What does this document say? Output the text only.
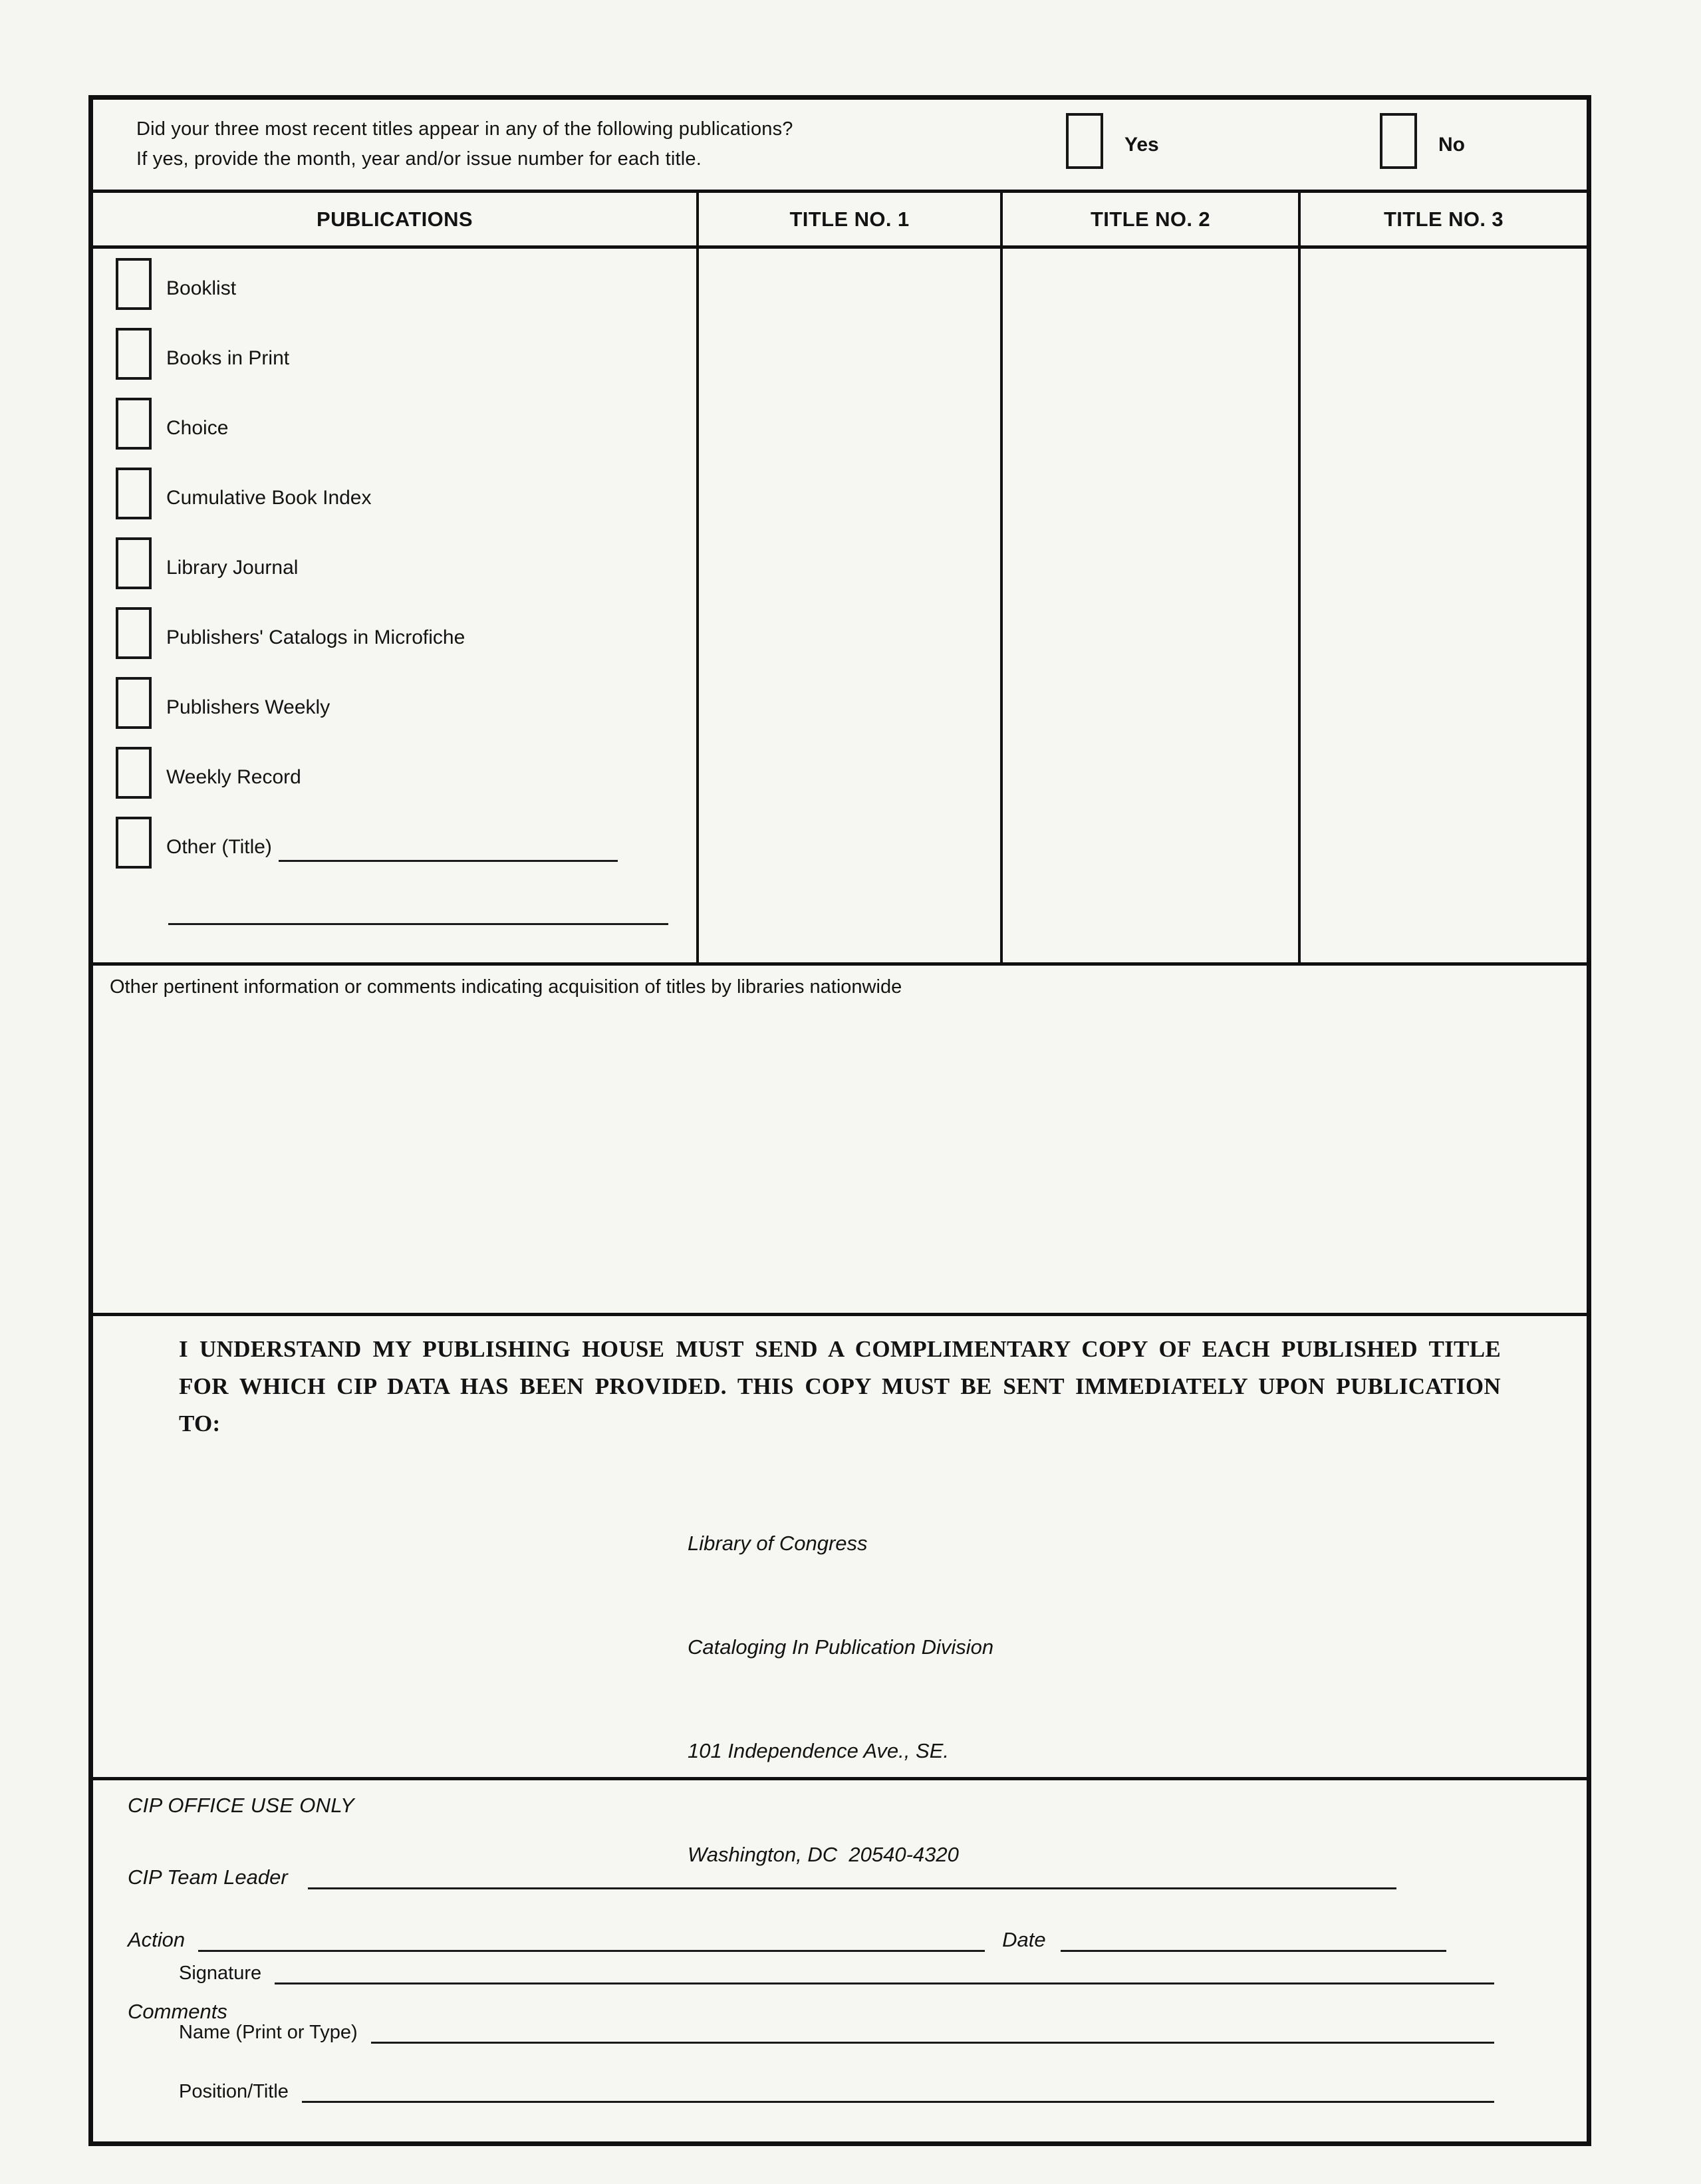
Did your three most recent titles appear in any of the following publications?
If yes, provide the month, year and/or issue number for each title.
Yes	No
PUBLICATIONS	TITLE NO. 1	TITLE NO. 2	TITLE NO. 3
Booklist
Books in Print
Choice
Cumulative Book Index
Library Journal
Publishers' Catalogs in Microfiche
Publishers Weekly
Weekly Record
Other (Title)
Other pertinent information or comments indicating acquisition of titles by libraries nationwide

I UNDERSTAND MY PUBLISHING HOUSE MUST SEND A COMPLIMENTARY COPY OF EACH PUBLISHED TITLE FOR WHICH CIP DATA HAS BEEN PROVIDED. THIS COPY MUST BE SENT IMMEDIATELY UPON PUBLICATION TO:

Library of Congress

Cataloging In Publication Division

101 Independence Ave., SE.

Washington, DC  20540-4320

Signature
Name (Print or Type)
Position/Title
CIP OFFICE USE ONLY
CIP Team Leader
Action	Date
Comments
